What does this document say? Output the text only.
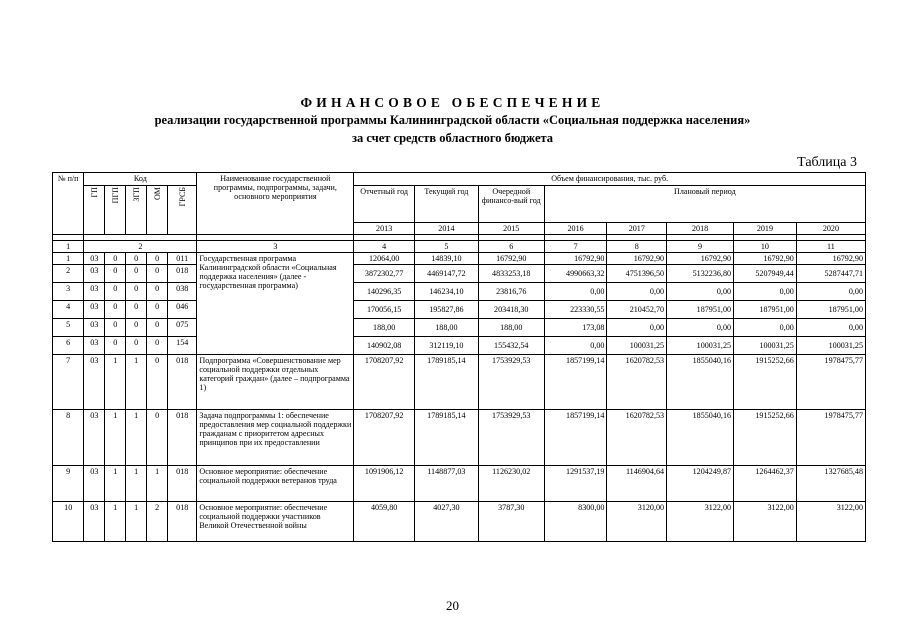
ФИНАНСОВОЕ ОБЕСПЕЧЕНИЕ
реализации государственной программы Калининградской области «Социальная поддержка населения»
за счет средств областного бюджета
Таблица 3
№ п/п	Код					Наименование государственной программы, подпрограммы, задачи, основного мероприятия	Объем финансирования, тыс. руб.							
	ГП	ПГП	ЗГП	ОМ	ГРСБ		Отчетный год	Текущий год	Очередной финансо-вый год	Плановый период				
							2013	2014	2015	2016	2017	2018	2019	2020

1	2					3	4	5	6	7	8	9	10	11
1	03	0	0	0	011	Государственная программа Калининградской области «Социальная поддержка населения» (далее - государственная программа)	12064,00	14839,10	16792,90	16792,90	16792,90	16792,90	16792,90	16792,90
2	03	0	0	0	018		3872302,77	4469147,72	4833253,18	4990663,32	4751396,50	5132236,80	5207949,44	5287447,71
3	03	0	0	0	038		140296,35	146234,10	23816,76	0,00	0,00	0,00	0,00	0,00
4	03	0	0	0	046		170056,15	195827,86	203418,30	223330,55	210452,70	187951,00	187951,00	187951,00
5	03	0	0	0	075		188,00	188,00	188,00	173,08	0,00	0,00	0,00	0,00
6	03	0	0	0	154		140902,08	312119,10	155432,54	0,00	100031,25	100031,25	100031,25	100031,25
7	03	1	1	0	018	Подпрограмма «Совершенствование мер социальной поддержки отдельных категорий граждан» (далее – подпрограмма 1)	1708207,92	1789185,14	1753929,53	1857199,14	1620782,53	1855040,16	1915252,66	1978475,77
8	03	1	1	0	018	Задача подпрограммы 1: обеспечение предоставления мер социальной поддержки гражданам с приоритетом адресных принципов при их предоставлении	1708207,92	1789185,14	1753929,53	1857199,14	1620782,53	1855040,16	1915252,66	1978475,77
9	03	1	1	1	018	Основное мероприятие: обеспечение социальной поддержки ветеранов труда	1091906,12	1148877,03	1126230,02	1291537,19	1146904,64	1204249,87	1264462,37	1327685,48
10	03	1	1	2	018	Основное мероприятие: обеспечение социальной поддержки участников Великой Отечественной войны	4059,80	4027,30	3787,30	8300,00	3120,00	3122,00	3122,00	3122,00
20
